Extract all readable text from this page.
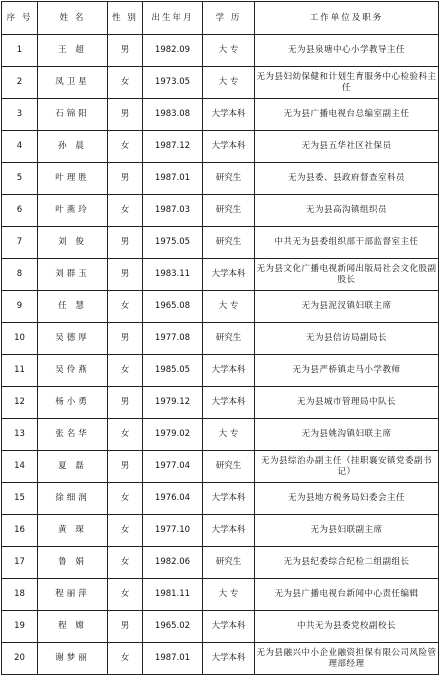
序 号	姓 名	性 别	出生年月	学 历	工作单位及职务
1	王 超	男	1982.09	大 专	无为县泉塘中心小学教导主任
2	凤卫星	女	1973.05	大 专	无为县妇幼保健和计划生育服务中心检验科主任
3	石锦阳	男	1983.08	大学本科	无为县广播电视台总编室副主任
4	孙 晨	女	1987.12	大学本科	无为县五华社区社保员
5	叶理胜	男	1987.01	研究生	无为县委、县政府督查室科员
6	叶燕玲	女	1987.03	研究生	无为县高沟镇组织员
7	刘 俊	男	1975.05	研究生	中共无为县委组织部干部监督室主任
8	刘群玉	男	1983.11	大学本科	无为县文化广播电视新闻出版局社会文化股副股长
9	任 慧	女	1965.08	大 专	无为县泥汊镇妇联主席
10	吴德厚	男	1977.08	研究生	无为县信访局副局长
11	吴伶燕	女	1985.05	大学本科	无为县严桥镇走马小学教师
12	杨小勇	男	1979.12	大学本科	无为县城市管理局中队长
13	张名华	女	1979.02	大 专	无为县姚沟镇妇联主席
14	夏 磊	男	1977.04	研究生	无为县综治办副主任（挂职襄安镇党委副书记）
15	徐细润	女	1976.04	大学本科	无为县地方税务局妇委会主任
16	黄 琛	女	1977.10	大学本科	无为县妇联副主席
17	鲁 娟	女	1982.06	研究生	无为县纪委综合纪检二组副组长
18	程丽萍	女	1981.11	大 专	无为县广播电视台新闻中心责任编辑
19	程 嫦	男	1965.02	大学本科	中共无为县委党校副校长
20	谢梦丽	女	1987.01	大学本科	无为县融兴中小企业融资担保有限公司风险管理部经理
